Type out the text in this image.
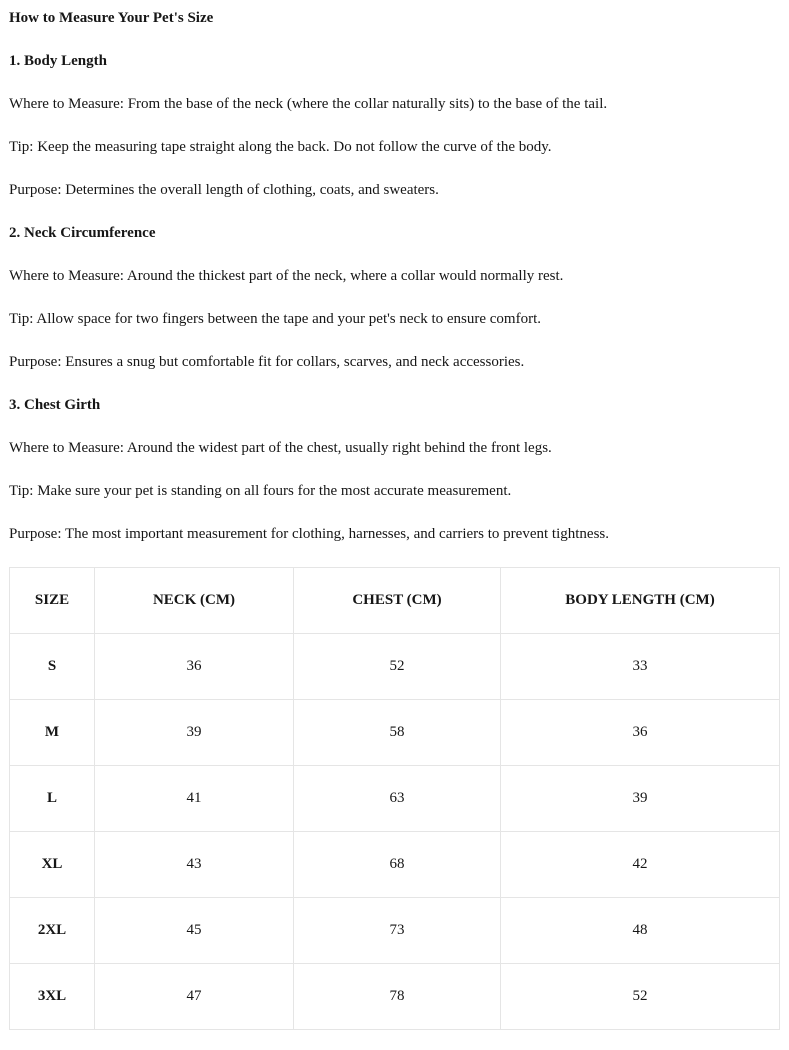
How to Measure Your Pet's Size

1. Body Length

Where to Measure: From the base of the neck (where the collar naturally sits) to the base of the tail.

Tip: Keep the measuring tape straight along the back. Do not follow the curve of the body.

Purpose: Determines the overall length of clothing, coats, and sweaters.

2. Neck Circumference

Where to Measure: Around the thickest part of the neck, where a collar would normally rest.

Tip: Allow space for two fingers between the tape and your pet's neck to ensure comfort.

Purpose: Ensures a snug but comfortable fit for collars, scarves, and neck accessories.

3. Chest Girth

Where to Measure: Around the widest part of the chest, usually right behind the front legs.

Tip: Make sure your pet is standing on all fours for the most accurate measurement.

Purpose: The most important measurement for clothing, harnesses, and carriers to prevent tightness.

SIZE	NECK (CM)	CHEST (CM)	BODY LENGTH (CM)
S	36	52	33
M	39	58	36
L	41	63	39
XL	43	68	42
2XL	45	73	48
3XL	47	78	52
